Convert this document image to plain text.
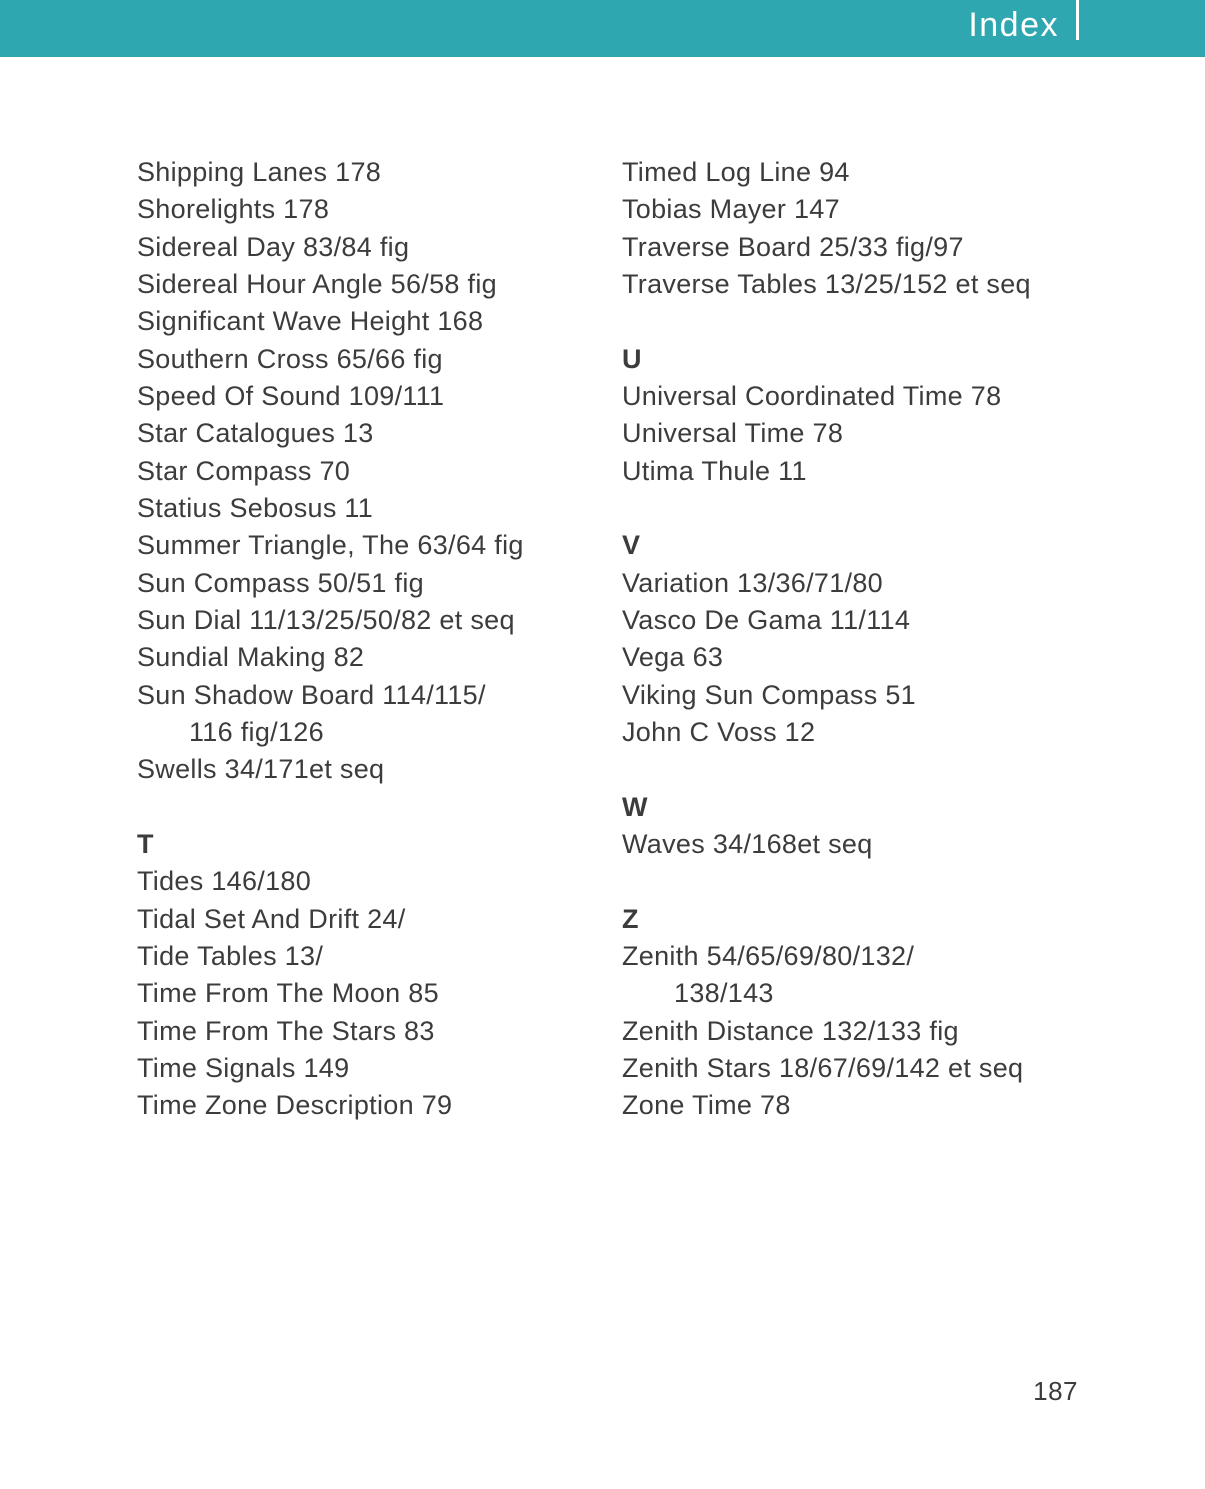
Index
Shipping Lanes 178
Shorelights 178
Sidereal Day 83/84 fig
Sidereal Hour Angle 56/58 fig
Significant Wave Height 168
Southern Cross 65/66 fig
Speed Of Sound 109/111
Star Catalogues 13
Star Compass 70
Statius Sebosus 11
Summer Triangle, The 63/64 fig
Sun Compass 50/51 fig
Sun Dial 11/13/25/50/82 et seq
Sundial Making 82
Sun Shadow Board 114/115/
116 fig/126
Swells 34/171et seq
T
Tides 146/180
Tidal Set And Drift 24/
Tide Tables 13/
Time From The Moon 85
Time From The Stars 83
Time Signals 149
Time Zone Description 79
Timed Log Line 94
Tobias Mayer 147
Traverse Board 25/33 fig/97
Traverse Tables 13/25/152 et seq
U
Universal Coordinated Time 78
Universal Time 78
Utima Thule 11
V
Variation 13/36/71/80
Vasco De Gama 11/114
Vega 63
Viking Sun Compass 51
John C Voss 12
W
Waves 34/168et seq
Z
Zenith 54/65/69/80/132/
138/143
Zenith Distance 132/133 fig
Zenith Stars 18/67/69/142 et seq
Zone Time 78
187
